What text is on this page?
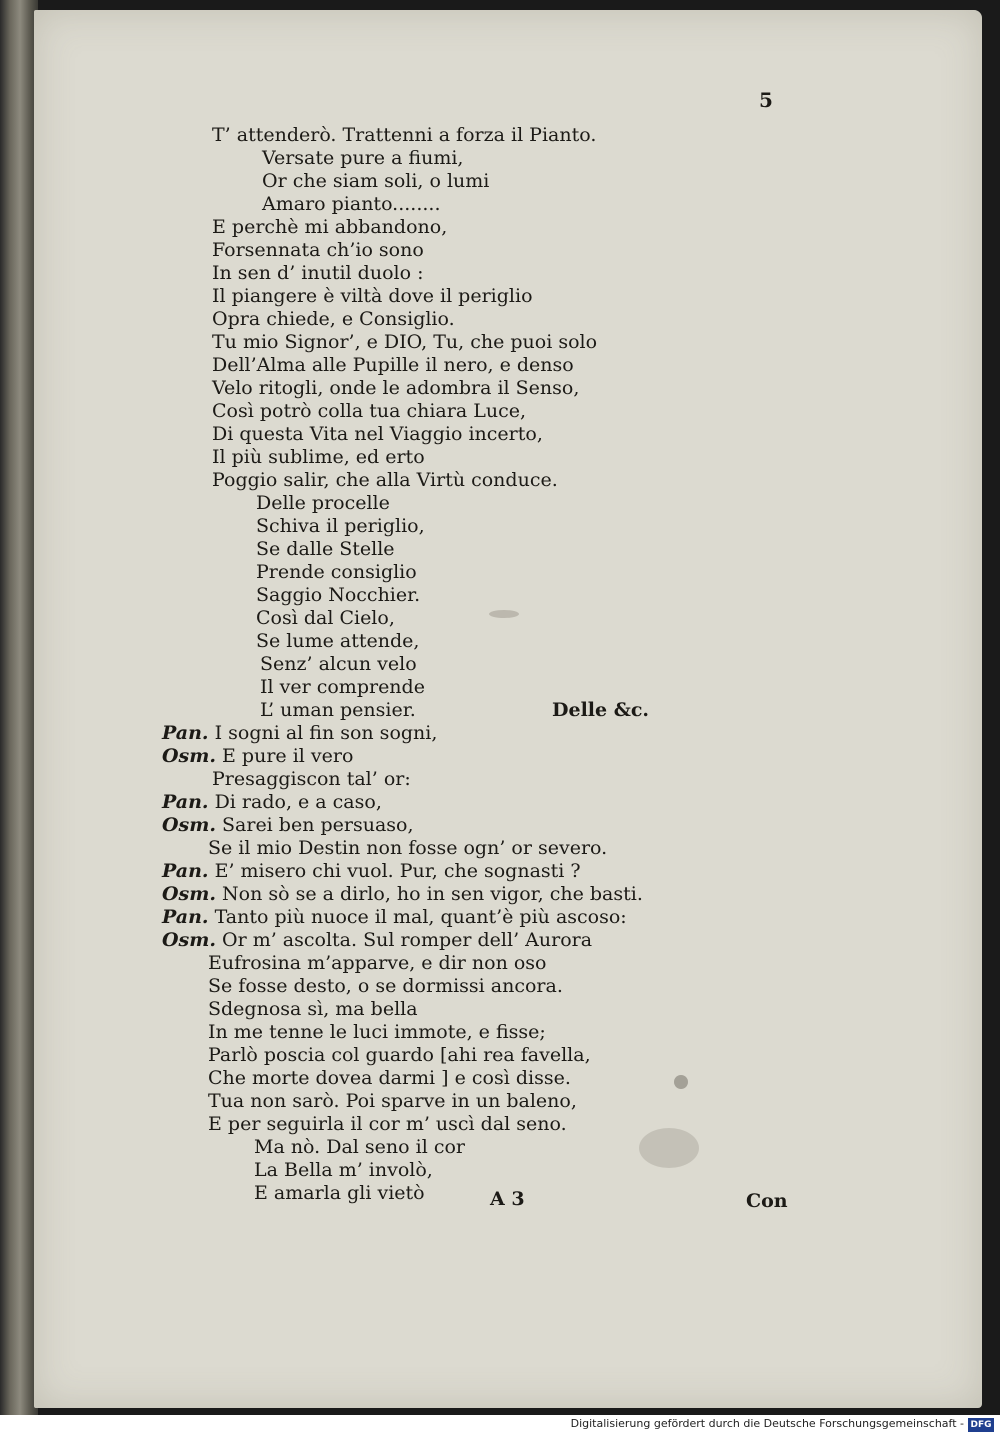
5
T’ attenderò. Trattenni a forza il Pianto.
Versate pure a fiumi,
Or che siam soli, o lumi
Amaro pianto........
E perchè mi abbandono,
Forsennata ch’io sono
In sen d’ inutil duolo :
Il piangere è viltà dove il periglio
Opra chiede, e Consiglio.
Tu mio Signor’, e DIO, Tu, che puoi solo
Dell’Alma alle Pupille il nero, e denso
Velo ritogli, onde le adombra il Senso,
Così potrò colla tua chiara Luce,
Di questa Vita nel Viaggio incerto,
Il più sublime, ed erto
Poggio salir, che alla Virtù conduce.
Delle procelle
Schiva il periglio,
Se dalle Stelle
Prende consiglio
Saggio Nocchier.
Così dal Cielo,
Se lume attende,
Senz’ alcun velo
Il ver comprende
L’ uman pensier.	Delle &c.
Pan. I sogni al fin son sogni,
Osm. E pure il vero
Presaggiscon tal’ or:
Pan. Di rado, e a caso,
Osm. Sarei ben persuaso,
Se il mio Destin non fosse ogn’ or severo.
Pan. E’ misero chi vuol. Pur, che sognasti ?
Osm. Non sò se a dirlo, ho in sen vigor, che basti.
Pan. Tanto più nuoce il mal, quant’è più ascoso:
Osm. Or m’ ascolta. Sul romper dell’ Aurora
Eufrosina m’apparve, e dir non oso
Se fosse desto, o se dormissi ancora.
Sdegnosa sì, ma bella
In me tenne le luci immote, e fisse;
Parlò poscia col guardo [ahi rea favella,
Che morte dovea darmi ] e così disse.
Tua non sarò. Poi sparve in un baleno,
E per seguirla il cor m’ uscì dal seno.
Ma nò. Dal seno il cor
La Bella m’ involò,
E amarla gli vietò	A 3	Con
Digitalisierung gefördert durch die Deutsche Forschungsgemeinschaft - DFG
